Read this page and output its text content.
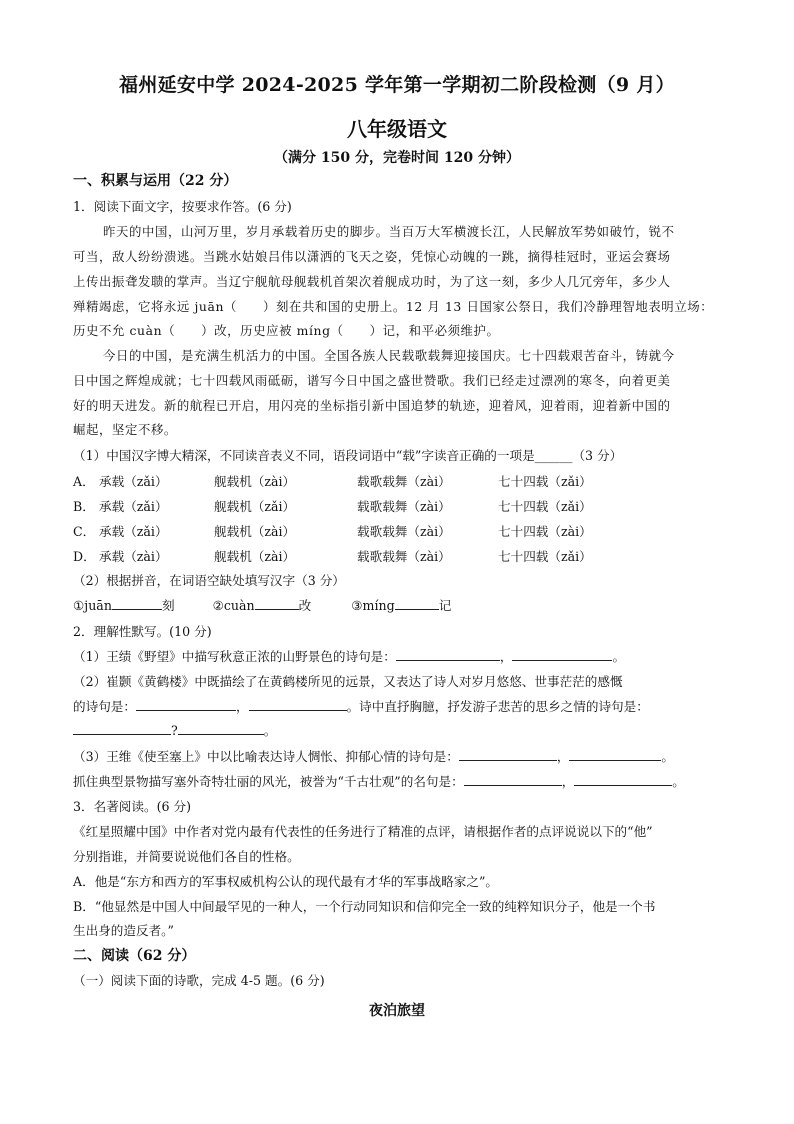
福州延安中学 2024-2025 学年第一学期初二阶段检测（9 月）
八年级语文
（满分 150 分，完卷时间 120 分钟）
一、积累与运用（22 分）
1．阅读下面文字，按要求作答。(6 分)
昨天的中国，山河万里，岁月承载着历史的脚步。当百万大军横渡长江，人民解放军势如破竹，锐不
可当，敌人纷纷溃逃。当跳水姑娘吕伟以潇洒的飞天之姿，凭惊心动魄的一跳，摘得桂冠时，亚运会赛场
上传出振聋发聩的掌声。当辽宁舰航母舰载机首架次着舰成功时，为了这一刻，多少人几冗旁年，多少人
殚精竭虑，它将永远 juān（　　）刻在共和国的史册上。12 月 13 日国家公祭日，我们冷静理智地表明立场：
历史不允 cuàn（　　）改，历史应被 míng（　　）记，和平必须维护。
今日的中国，是充满生机活力的中国。全国各族人民载歌载舞迎接国庆。七十四载艰苦奋斗，铸就今
日中国之辉煌成就；七十四载风雨砥砺，谱写今日中国之盛世赞歌。我们已经走过漂冽的寒冬，向着更美
好的明天进发。新的航程已开启，用闪亮的坐标指引新中国追梦的轨迹，迎着风，迎着雨，迎着新中国的
崛起，坚定不移。
（1）中国汉字博大精深，不同读音表义不同，语段词语中“载”字读音正确的一项是______（3 分）
A． 承载（zǎi）	舰载机（zài）	载歌载舞（zài）	七十四载（zǎi）
B． 承载（zǎi）	舰载机（zǎi）	载歌载舞（zài）	七十四载（zǎi）
C． 承载（zǎi）	舰载机（zài）	载歌载舞（zài）	七十四载（zài）
D． 承载（zài）	舰载机（zài）	载歌载舞（zài）	七十四载（zǎi）
（2）根据拼音，在词语空缺处填写汉字（3 分）
①juān	刻	②cuàn	改	③míng	记
2．理解性默写。(10 分)
（1）王绩《野望》中描写秋意正浓的山野景色的诗句是：	，	。
（2）崔颢《黄鹤楼》中既描绘了在黄鹤楼所见的远景，又表达了诗人对岁月悠悠、世事茫茫的感慨
的诗句是：	，	。诗中直抒胸臆，抒发游子悲苦的思乡之情的诗句是：
?	。
（3）王维《使至塞上》中以比喻表达诗人惆怅、抑郁心情的诗句是：	，	。
抓住典型景物描写塞外奇特壮丽的风光，被誉为“千古壮观”的名句是：	，	。
3．名著阅读。(6 分)
《红星照耀中国》中作者对党内最有代表性的任务进行了精准的点评，请根据作者的点评说说以下的“他”
分别指谁，并简要说说他们各自的性格。
A．他是“东方和西方的军事权威机构公认的现代最有才华的军事战略家之”。
B．“他显然是中国人中间最罕见的一种人，一个行动同知识和信仰完全一致的纯粹知识分子，他是一个书
生出身的造反者。”
二、阅读（62 分）
（一）阅读下面的诗歌，完成 4-5 题。(6 分)
夜泊旅望
